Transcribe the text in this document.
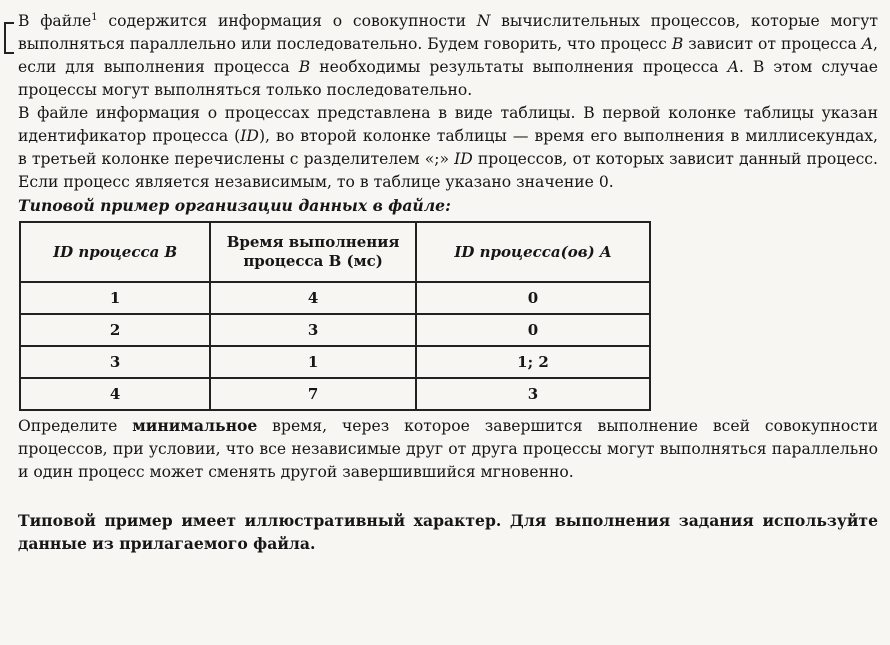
В файле$^1$ содержится информация о совокупности N вычислительных процессов, которые могут выполняться параллельно или последовательно. Будем говорить, что процесс B зависит от процесса A, если для выполнения процесса B необходимы результаты выполнения процесса A. В этом случае процессы могут выполняться только последовательно.

В файле информация о процессах представлена в виде таблицы. В первой колонке таблицы указан идентификатор процесса (ID), во второй колонке таблицы — время его выполнения в миллисекундах, в третьей колонке перечислены с разделителем «;» ID процессов, от которых зависит данный процесс. Если процесс является независимым, то в таблице указано значение 0.

Типовой пример организации данных в файле:

ID процесса B	Время выполнения процесса B (мс)	ID процесса(ов) A
1	4	0
2	3	0
3	1	1; 2
4	7	3

Определите минимальное время, через которое завершится выполнение всей совокупности процессов, при условии, что все независимые друг от друга процессы могут выполняться параллельно и один процесс может сменять другой завершившийся мгновенно.

Типовой пример имеет иллюстративный характер. Для выполнения задания используйте данные из прилагаемого файла.
